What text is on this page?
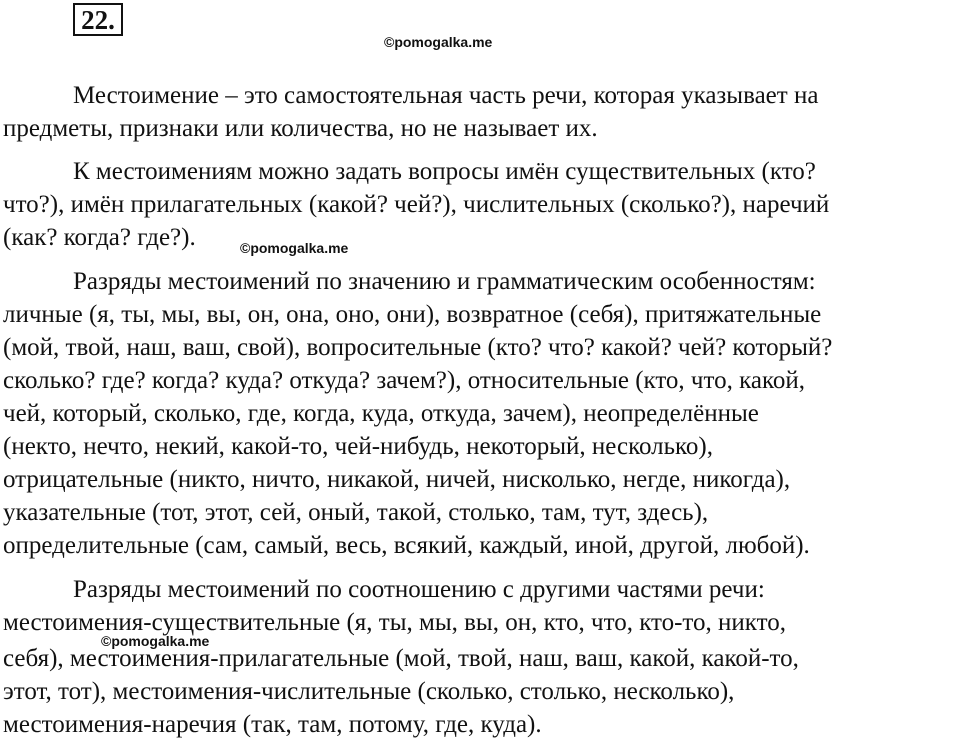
22.
©pomogalka.me
Местоимение – это самостоятельная часть речи, которая указывает на
предметы, признаки или количества, но не называет их.
К местоимениям можно задать вопросы имён существительных (кто?
что?), имён прилагательных (какой? чей?), числительных (сколько?), наречий
(как? когда? где?).	©pomogalka.me
Разряды местоимений по значению и грамматическим особенностям:
личные (я, ты, мы, вы, он, она, оно, они), возвратное (себя), притяжательные
(мой, твой, наш, ваш, свой), вопросительные (кто? что? какой? чей? который?
сколько? где? когда? куда? откуда? зачем?), относительные (кто, что, какой,
чей, который, сколько, где, когда, куда, откуда, зачем), неопределённые
(некто, нечто, некий, какой-то, чей-нибудь, некоторый, несколько),
отрицательные (никто, ничто, никакой, ничей, нисколько, негде, никогда),
указательные (тот, этот, сей, оный, такой, столько, там, тут, здесь),
определительные (сам, самый, весь, всякий, каждый, иной, другой, любой).
Разряды местоимений по соотношению с другими частями речи:
местоимения-существительные (я, ты, мы, вы, он, кто, что, кто-то, никто,
©pomogalka.me
себя), местоимения-прилагательные (мой, твой, наш, ваш, какой, какой-то,
этот, тот), местоимения-числительные (сколько, столько, несколько),
местоимения-наречия (так, там, потому, где, куда).
